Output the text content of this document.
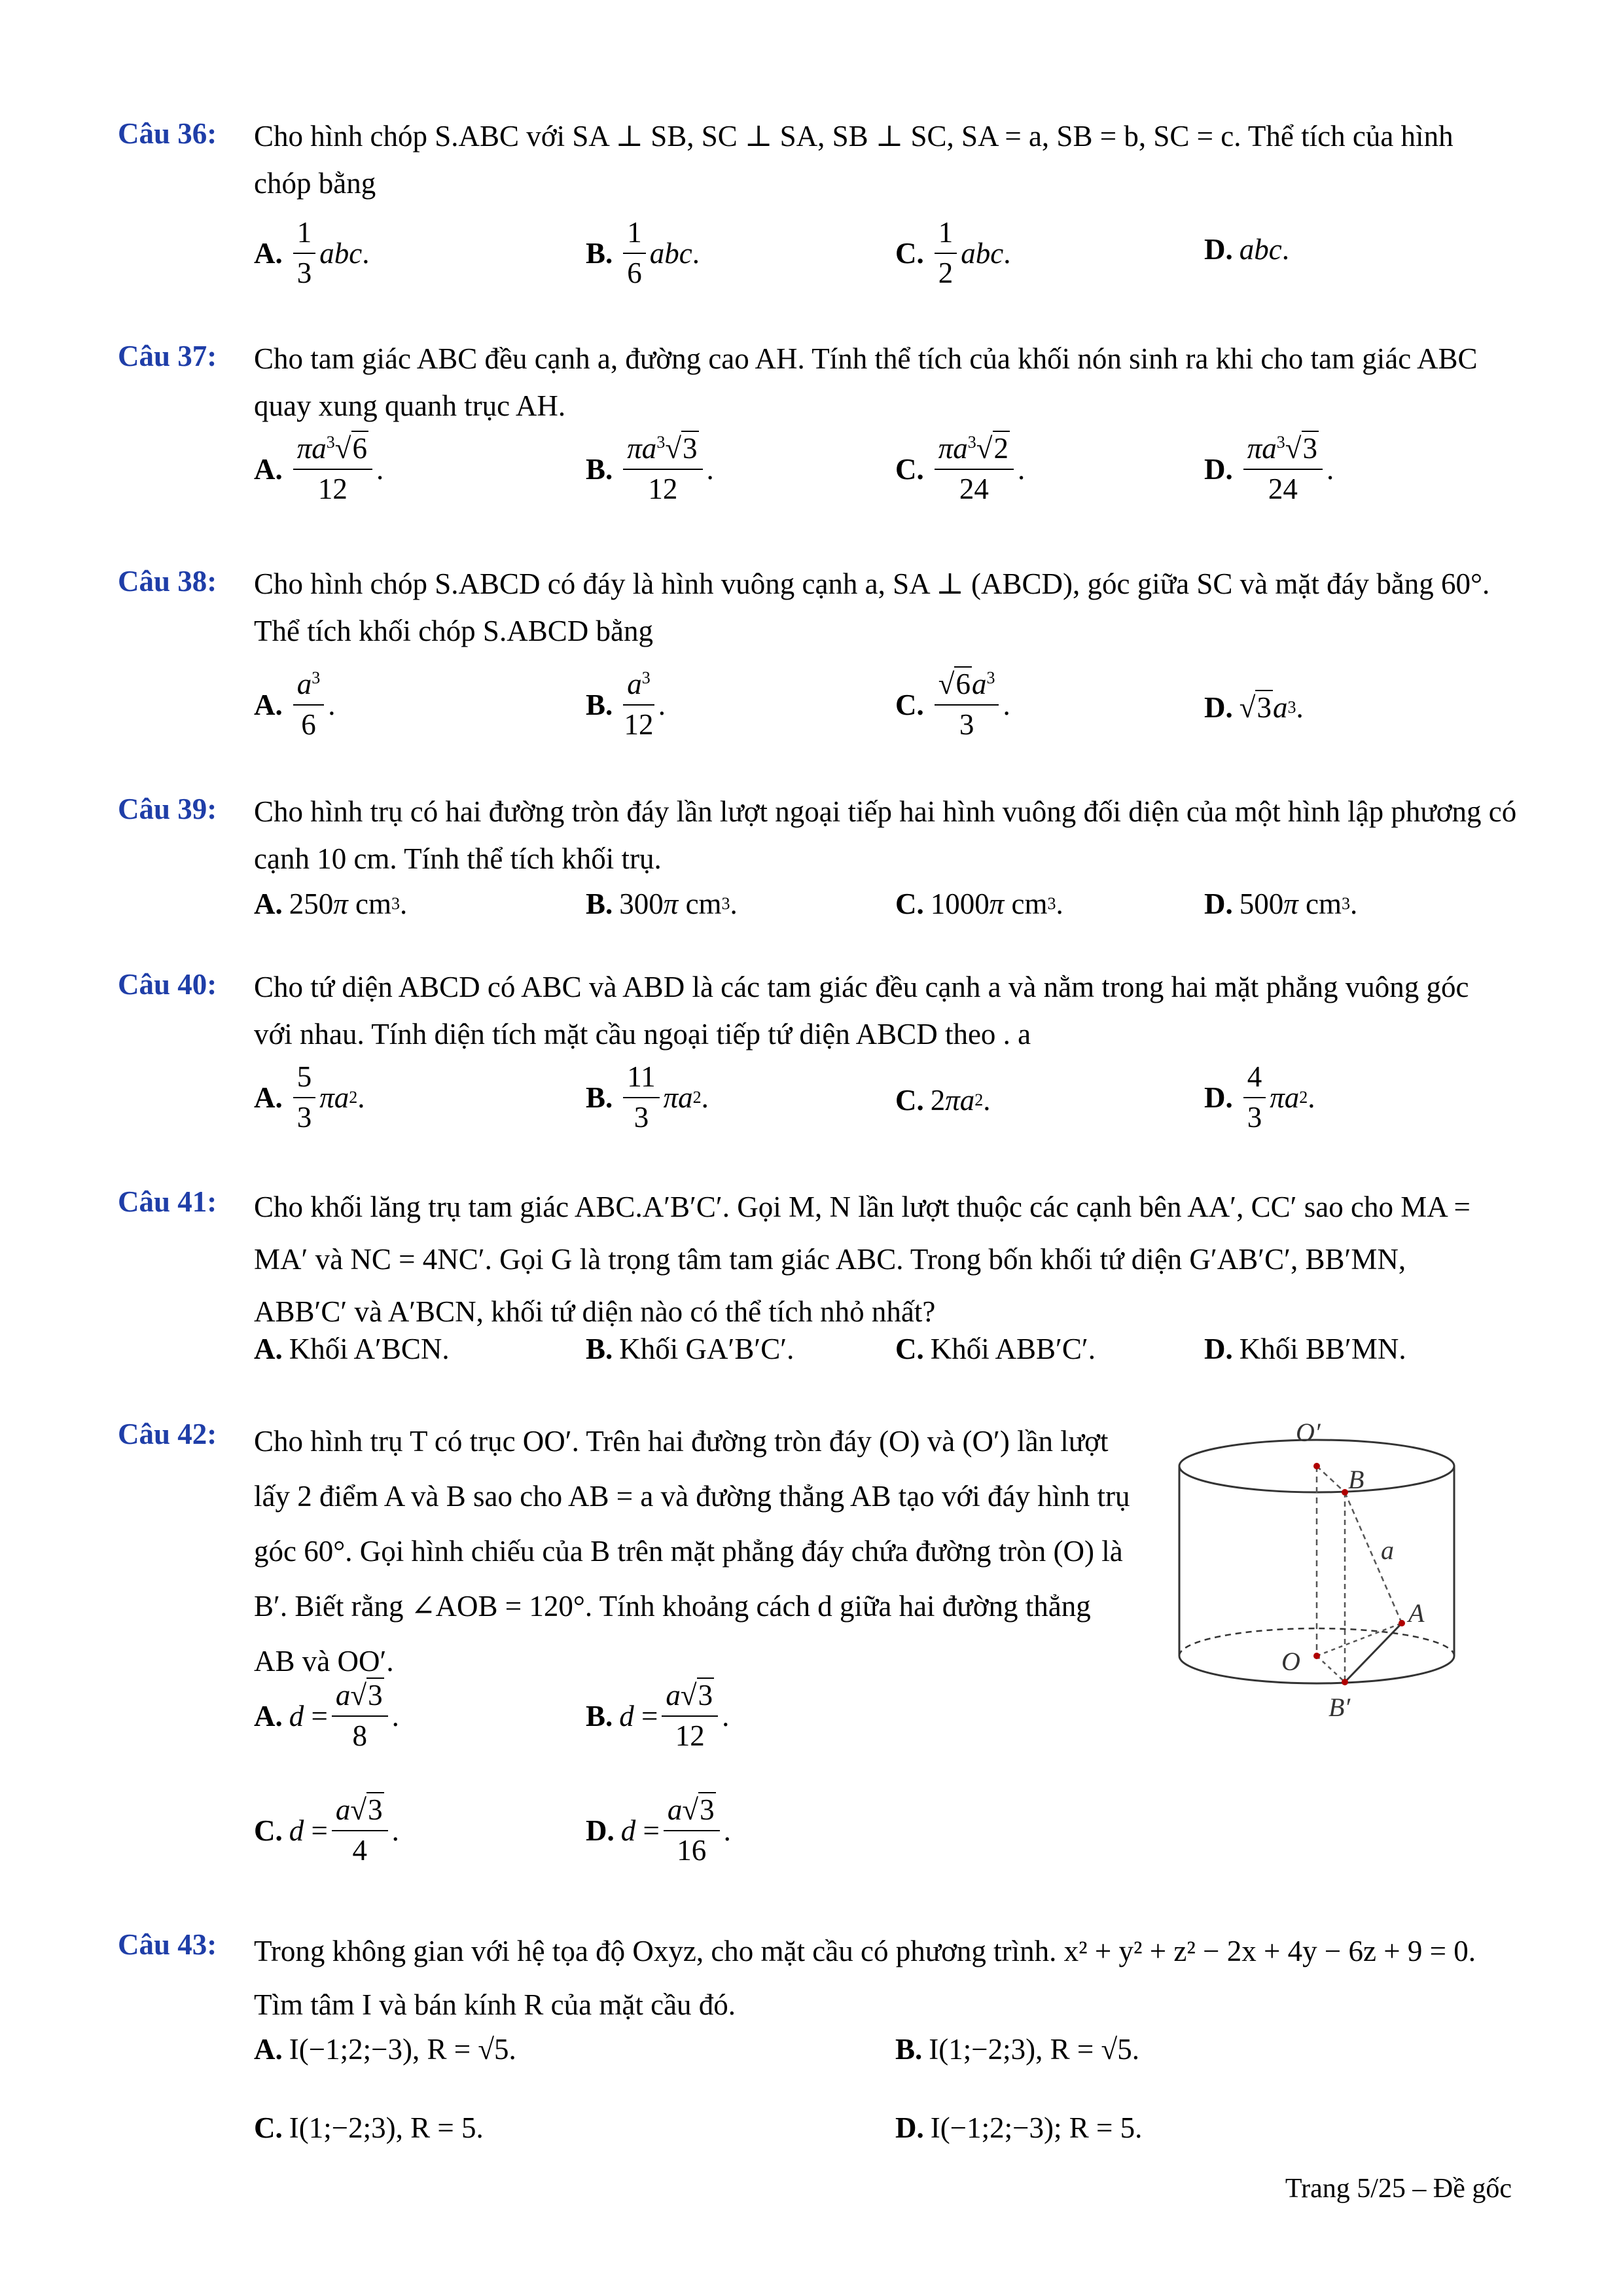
Câu 36: Cho hình chóp S.ABC với SA ⊥ SB, SC ⊥ SA, SB ⊥ SC, SA = a, SB = b, SC = c. Thể tích của hình chóp bằng
A. $\frac{1}{3}$ abc .	B. $\frac{1}{6}$ abc .	C. $\frac{1}{2}$ abc .	D. abc .
Câu 37: Cho tam giác ABC đều cạnh a, đường cao AH. Tính thể tích của khối nón sinh ra khi cho tam giác ABC quay xung quanh trục AH.
A. $\frac{\pi a^3√6}{12}$ .	B. $\frac{\pi a^3√3}{12}$ .	C. $\frac{\pi a^3√2}{24}$ .	D. $\frac{\pi a^3√3}{24}$ .
Câu 38: Cho hình chóp S.ABCD có đáy là hình vuông cạnh a, SA ⊥ (ABCD), góc giữa SC và mặt đáy bằng 60°. Thể tích khối chóp S.ABCD bằng
A. $\frac{a^3}{6}$ .	B. $\frac{a^3}{12}$ .	C. $\frac{√6a^3}{3}$ .	D. √3 a 3 .
Câu 39: Cho hình trụ có hai đường tròn đáy lần lượt ngoại tiếp hai hình vuông đối diện của một hình lập phương có cạnh 10 cm. Tính thể tích khối trụ.
A. 250 π cm 3 .	B. 300 π cm 3 .	C. 1000 π cm 3 .	D. 500 π cm 3 .
Câu 40: Cho tứ diện ABCD có ABC và ABD là các tam giác đều cạnh a và nằm trong hai mặt phẳng vuông góc với nhau. Tính diện tích mặt cầu ngoại tiếp tứ diện ABCD theo . a
A. $\frac{5}{3}$ πa 2 .	B. $\frac{11}{3}$ πa 2 .	C. 2 πa 2 .	D. $\frac{4}{3}$ πa 2 .
Câu 41: Cho khối lăng trụ tam giác ABC.A′B′C′. Gọi M, N lần lượt thuộc các cạnh bên AA′, CC′ sao cho MA = MA′ và NC = 4NC′. Gọi G là trọng tâm tam giác ABC. Trong bốn khối tứ diện G′AB′C′, BB′MN, ABB′C′ và A′BCN, khối tứ diện nào có thể tích nhỏ nhất?
A. Khối A′BCN.	B. Khối GA′B′C′.	C. Khối ABB′C′.	D. Khối BB′MN.
Câu 42: Cho hình trụ T có trục OO′. Trên hai đường tròn đáy (O) và (O′) lần lượt lấy 2 điểm A và B sao cho AB = a và đường thẳng AB tạo với đáy hình trụ góc 60°. Gọi hình chiếu của B trên mặt phẳng đáy chứa đường tròn (O) là B′. Biết rằng ∠AOB = 120°. Tính khoảng cách d giữa hai đường thẳng AB và OO′.
O′
B
a
A
O
B′
A. $d = \frac{a√3}{8}$ .	B. $d = \frac{a√3}{12}$ .
C. $d = \frac{a√3}{4}$ .	D. $d = \frac{a√3}{16}$ .
Câu 43: Trong không gian với hệ tọa độ Oxyz, cho mặt cầu có phương trình. x² + y² + z² − 2x + 4y − 6z + 9 = 0. Tìm tâm I và bán kính R của mặt cầu đó.
A. I(−1;2;−3), R = √5.	B. I(1;−2;3), R = √5.
C. I(1;−2;3), R = 5.	D. I(−1;2;−3); R = 5.
Trang 5/25 – Đề gốc
